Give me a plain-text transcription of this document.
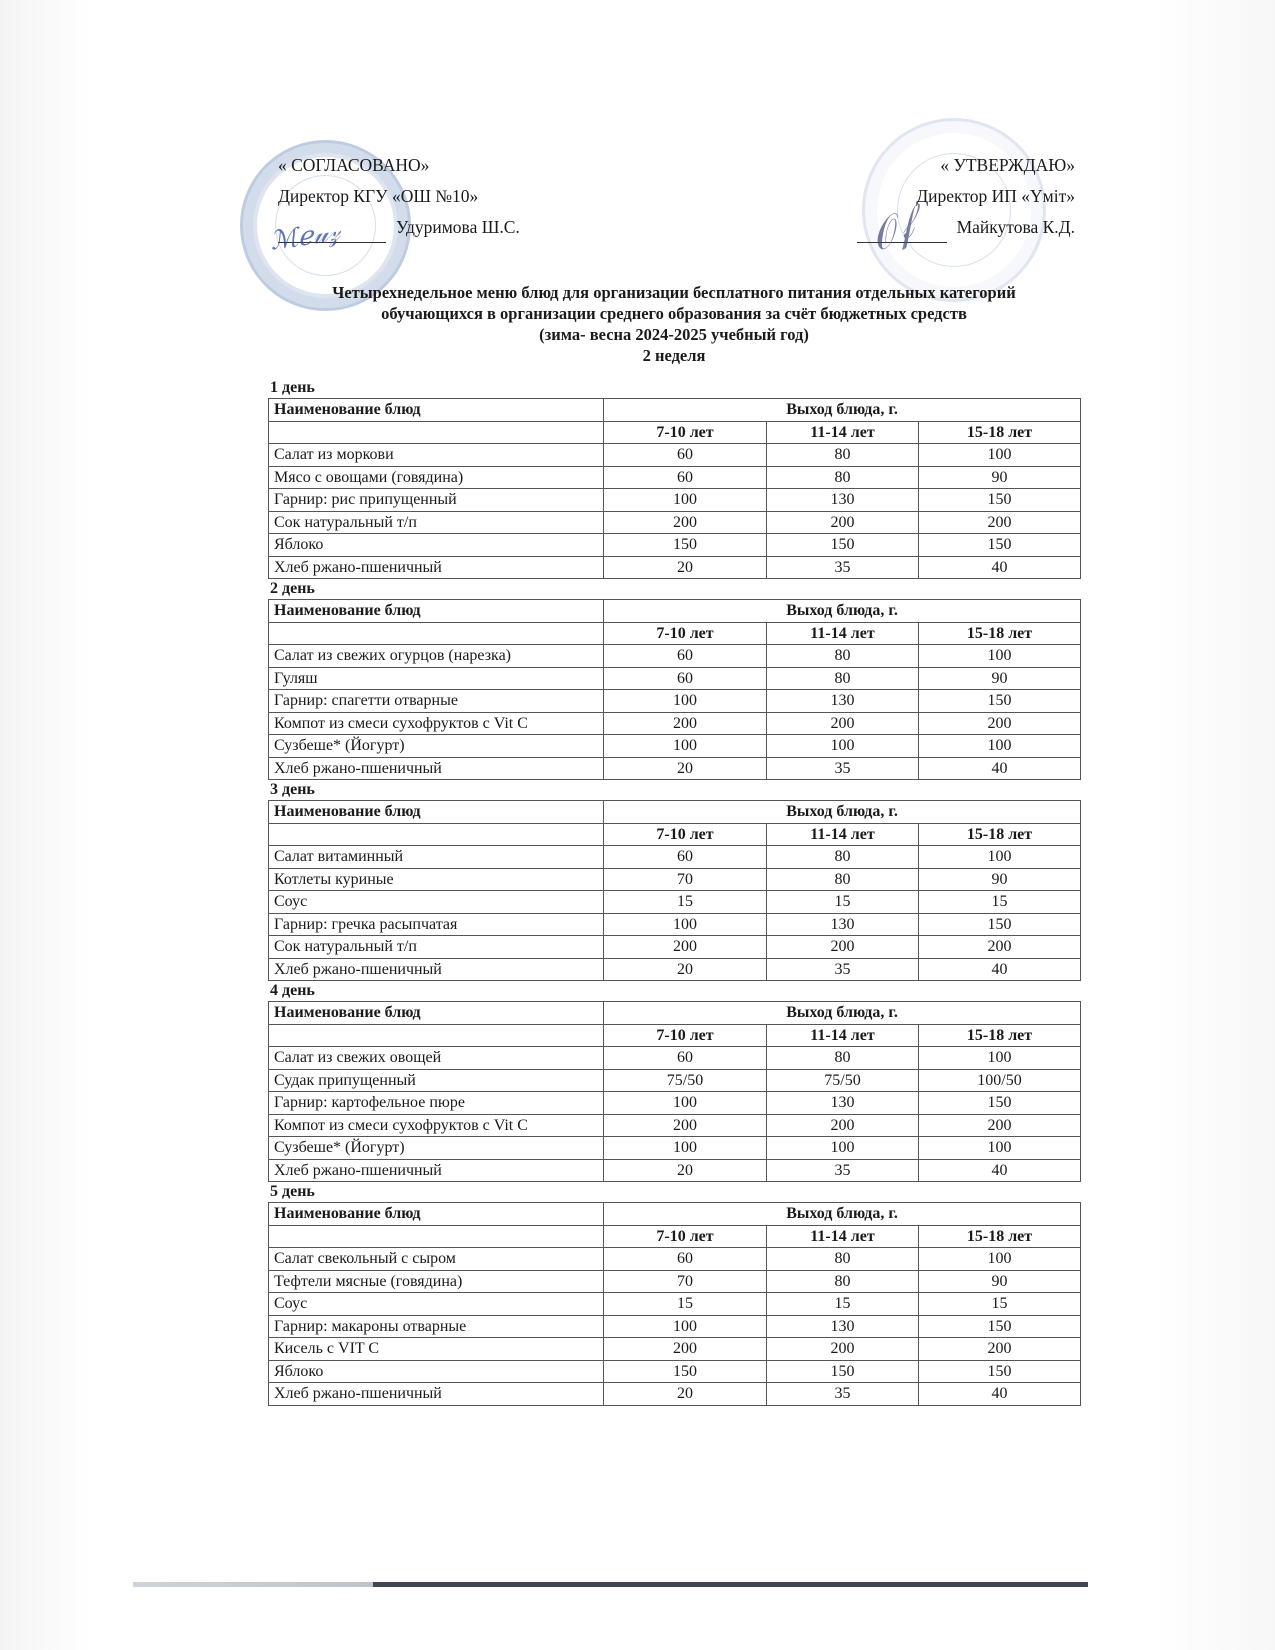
« СОГЛАСОВАНО»
Директор КГУ «ОШ №10»
Удуримова Ш.С.
ℳℯ𝓊𝓏
« УТВЕРЖДАЮ»
Директор ИП «Үміт»
Майкутова К.Д.
𝒪𝒻
Четырехнедельное меню блюд для организации бесплатного питания отдельных категорий
обучающихся в организации среднего образования за счёт бюджетных средств
(зима- весна 2024-2025 учебный год)
2 неделя
1 день
Наименование блюд	Выход блюда, г.		
	7-10 лет	11-14 лет	15-18 лет
Салат из моркови	60	80	100
Мясо с овощами (говядина)	60	80	90
Гарнир: рис припущенный	100	130	150
Сок натуральный т/п	200	200	200
Яблоко	150	150	150
Хлеб ржано-пшеничный	20	35	40
2 день
Наименование блюд	Выход блюда, г.		
	7-10 лет	11-14 лет	15-18 лет
Салат из свежих огурцов (нарезка)	60	80	100
Гуляш	60	80	90
Гарнир: спагетти отварные	100	130	150
Компот из смеси сухофруктов с Vit C	200	200	200
Сузбеше* (Йогурт)	100	100	100
Хлеб ржано-пшеничный	20	35	40
3 день
Наименование блюд	Выход блюда, г.		
	7-10 лет	11-14 лет	15-18 лет
Салат витаминный	60	80	100
Котлеты куриные	70	80	90
Соус	15	15	15
Гарнир: гречка расыпчатая	100	130	150
Сок натуральный т/п	200	200	200
Хлеб ржано-пшеничный	20	35	40
4 день
Наименование блюд	Выход блюда, г.		
	7-10 лет	11-14 лет	15-18 лет
Салат из свежих овощей	60	80	100
Судак припущенный	75/50	75/50	100/50
Гарнир: картофельное пюре	100	130	150
Компот из смеси сухофруктов с Vit C	200	200	200
Сузбеше* (Йогурт)	100	100	100
Хлеб ржано-пшеничный	20	35	40
5 день
Наименование блюд	Выход блюда, г.		
	7-10 лет	11-14 лет	15-18 лет
Салат свекольный с сыром	60	80	100
Тефтели мясные (говядина)	70	80	90
Соус	15	15	15
Гарнир: макароны отварные	100	130	150
Кисель с VIT C	200	200	200
Яблоко	150	150	150
Хлеб ржано-пшеничный	20	35	40
